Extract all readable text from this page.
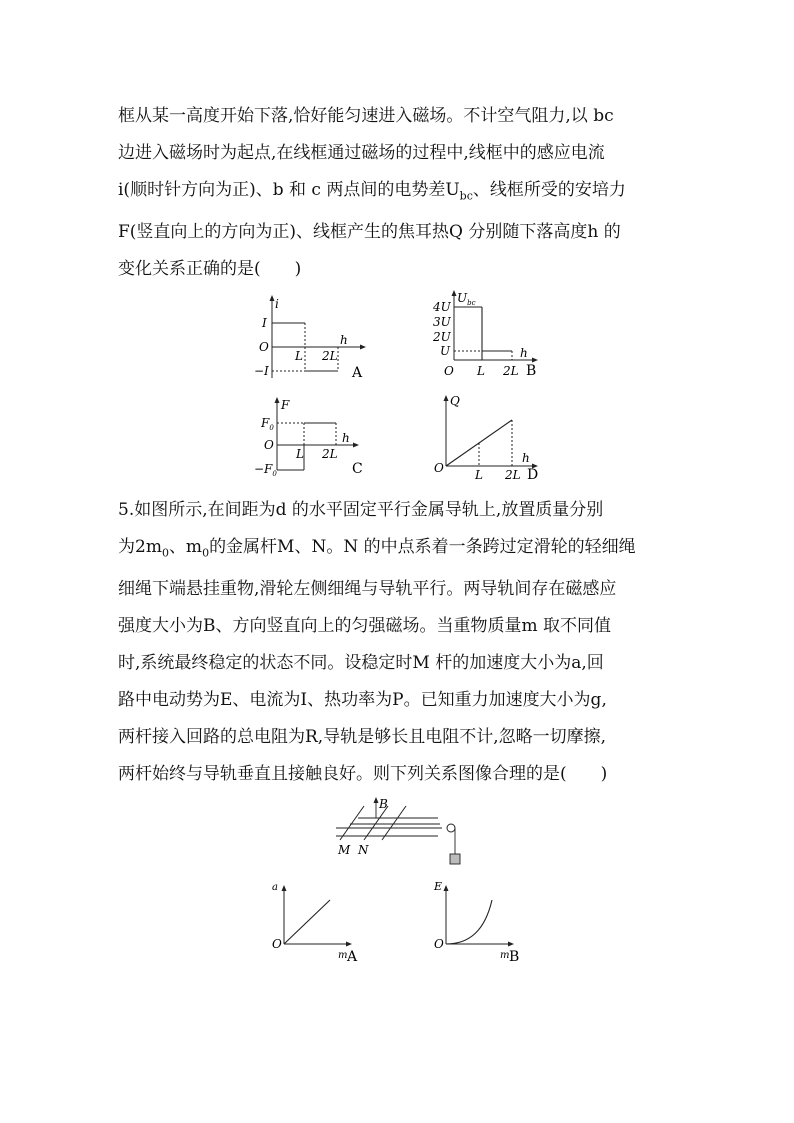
框从某一高度开始下落,恰好能匀速进入磁场。不计空气阻力,以 bc
边进入磁场时为起点,在线框通过磁场的过程中,线框中的感应电流
i(顺时针方向为正)、b 和 c 两点间的电势差$U_{bc}$、线框所受的安培力
F(竖直向上的方向为正)、线框产生的焦耳热Q 分别随下落高度h 的
变化关系正确的是(　　)
i
h
O
I
−I
L 2L
A
$U_{bc}$
h
O
4U
3U
2U
U
L 2L B
F
h
O
$F_0$
$-F_0$
L 2L
C
Q
h
O	L 2L D
5.如图所示,在间距为d 的水平固定平行金属导轨上,放置质量分别
为$2m_0$、$m_0$的金属杆M、N。N 的中点系着一条跨过定滑轮的轻细绳
细绳下端悬挂重物,滑轮左侧细绳与导轨平行。两导轨间存在磁感应
强度大小为B、方向竖直向上的匀强磁场。当重物质量m 取不同值
时,系统最终稳定的状态不同。设稳定时M 杆的加速度大小为a,回
路中电动势为E、电流为I、热功率为P。已知重力加速度大小为g,
两杆接入回路的总电阻为R,导轨是够长且电阻不计,忽略一切摩擦,
两杆始终与导轨垂直且接触良好。则下列关系图像合理的是(　　)
B
M N
a
O
m A
E
O
m B
